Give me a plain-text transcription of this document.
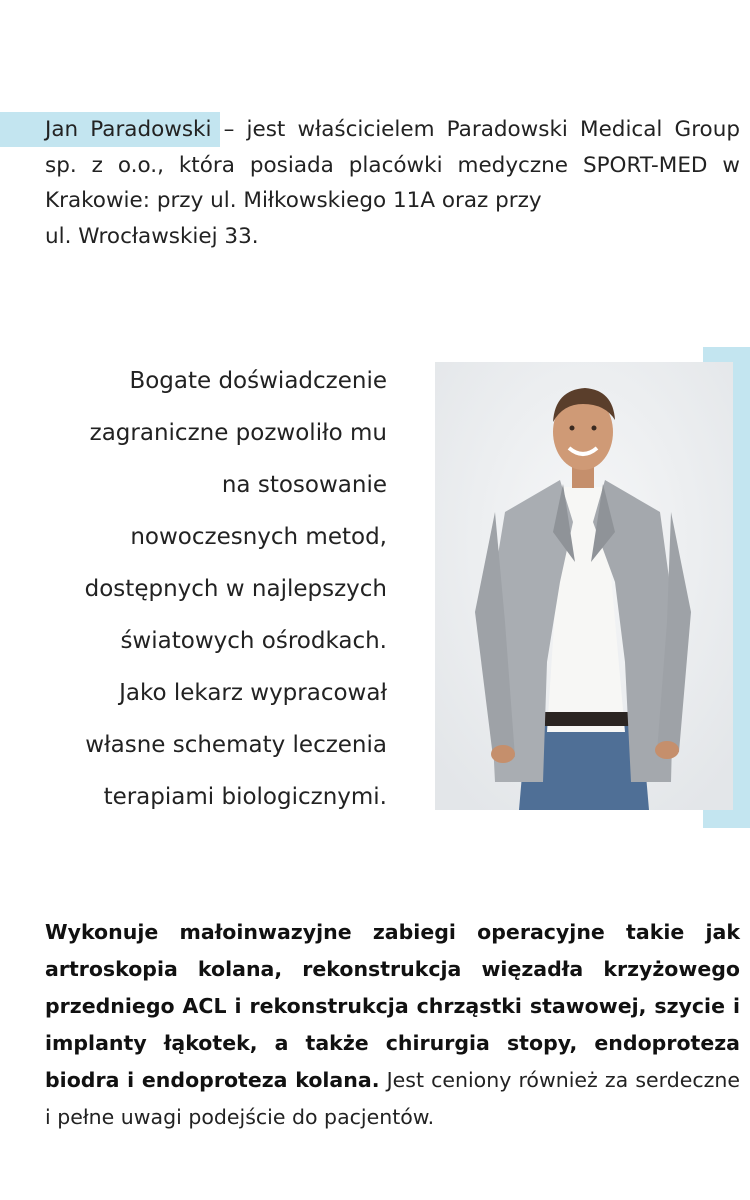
Jan Paradowski – jest właścicielem Paradowski Medical Group sp. z o.o., która posiada placówki medyczne SPORT-MED w Krakowie: przy ul. Miłkowskiego 11A oraz przy
ul. Wrocławskiej 33.

Bogate doświadczenie
zagraniczne pozwoliło mu
na stosowanie
nowoczesnych metod,
dostępnych w najlepszych
światowych ośrodkach.
Jako lekarz wypracował
własne schematy leczenia
terapiami biologicznymi.

Wykonuje małoinwazyjne zabiegi operacyjne takie jak artroskopia kolana, rekonstrukcja więzadła krzyżowego przedniego ACL i rekonstrukcja chrząstki stawowej, szycie i implanty łąkotek, a także chirurgia stopy, endoproteza biodra i endoproteza kolana. Jest ceniony również za serdeczne i pełne uwagi podejście do pacjentów.
